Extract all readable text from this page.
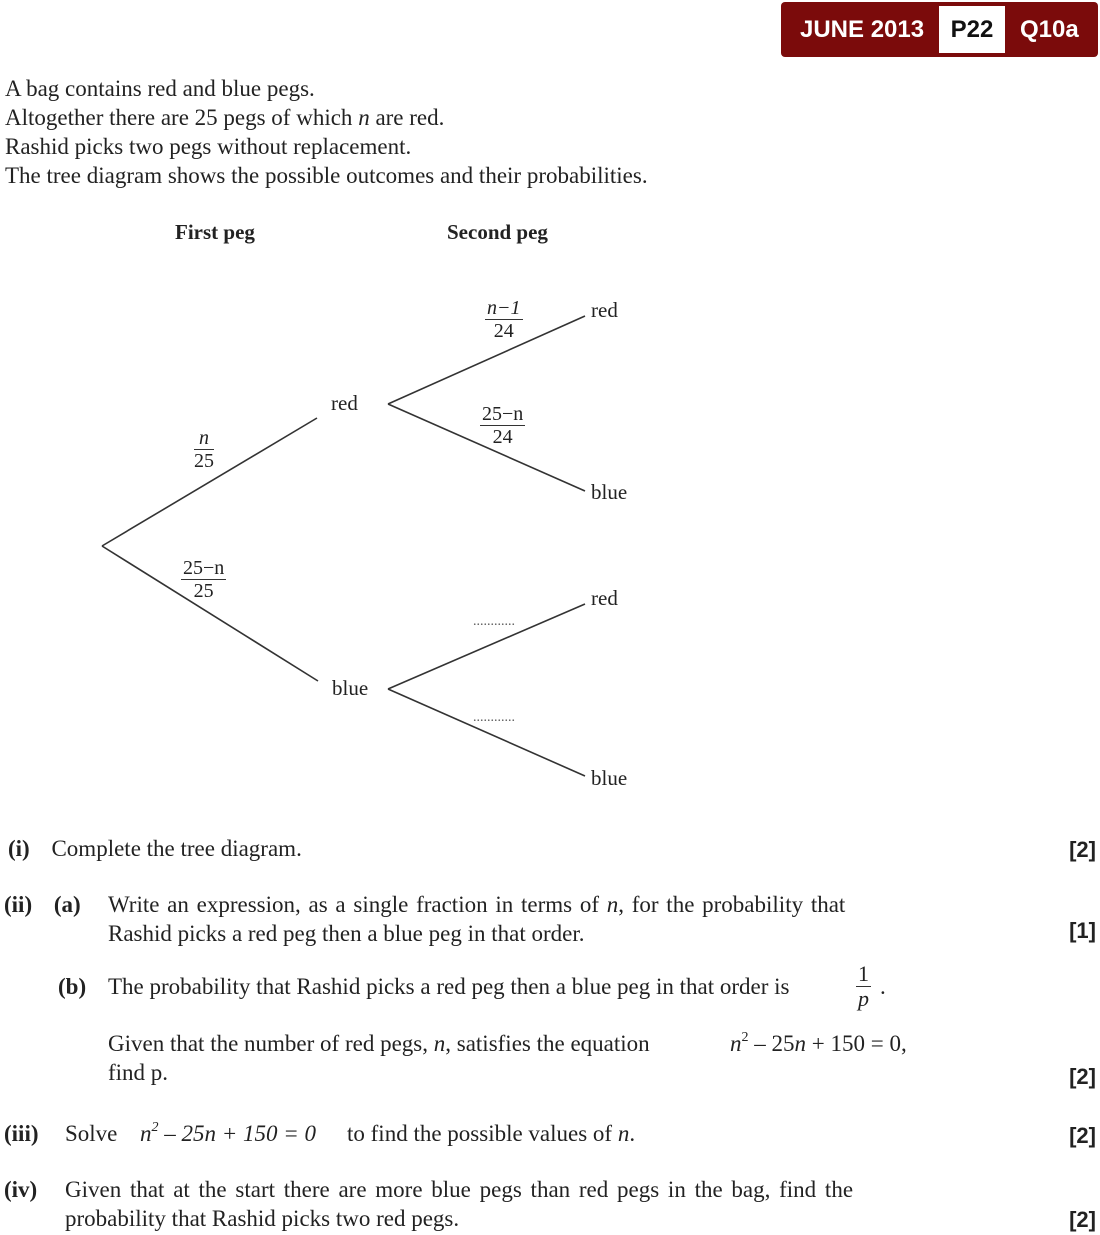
JUNE 2013	P22	Q10a
A bag contains red and blue pegs.
Altogether there are 25 pegs of which n are red.
Rashid picks two pegs without replacement.
The tree diagram shows the possible outcomes and their probabilities.
First peg	Second peg
red
blue
$\frac{n}{25}$
$\frac{25-n}{25}$
$\frac{n-1}{24}$
$\frac{25-n}{24}$
red
blue
............
............
red
blue
(i) Complete the tree diagram.	[2]
(ii) (a) Write an expression, as a single fraction in terms of n, for the probability that
Rashid picks a red peg then a blue peg in that order.	[1]
(b) The probability that Rashid picks a red peg then a blue peg in that order is	$\frac{1}{p}$ .
Given that the number of red pegs, n, satisfies the equation	$n^2 - 25n + 150 = 0$,
find p.	[2]
(iii) Solve $n^2 - 25n + 150 = 0$ to find the possible values of n.	[2]
(iv) Given that at the start there are more blue pegs than red pegs in the bag, find the
probability that Rashid picks two red pegs.	[2]
